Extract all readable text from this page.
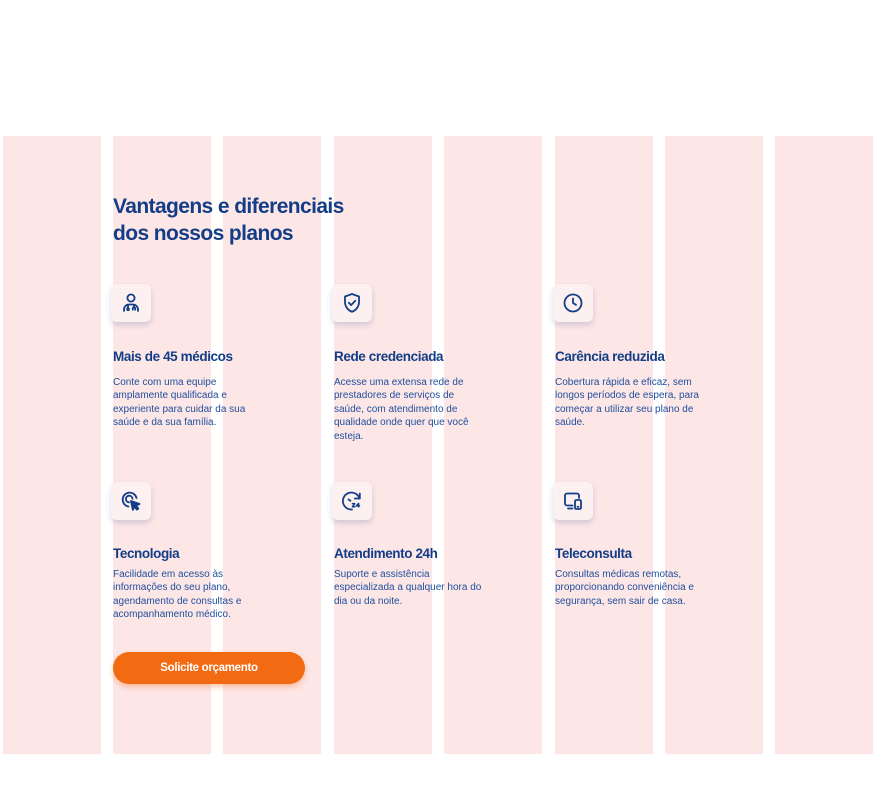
Vantagens e diferenciais
dos nossos planos
Mais de 45 médicos

Conte com uma equipe amplamente qualificada e experiente para cuidar da sua saúde e da sua família.

Rede credenciada

Acesse uma extensa rede de prestadores de serviços de saúde, com atendimento de qualidade onde quer que você esteja.

Carência reduzida

Cobertura rápida e eficaz, sem longos períodos de espera, para começar a utilizar seu plano de saúde.

Tecnologia

Facilidade em acesso às informações do seu plano, agendamento de consultas e acompanhamento médico.

Atendimento 24h

Suporte e assistência especializada a qualquer hora do dia ou da noite.

Teleconsulta

Consultas médicas remotas, proporcionando conveniência e segurança, sem sair de casa.

Solicite orçamento
